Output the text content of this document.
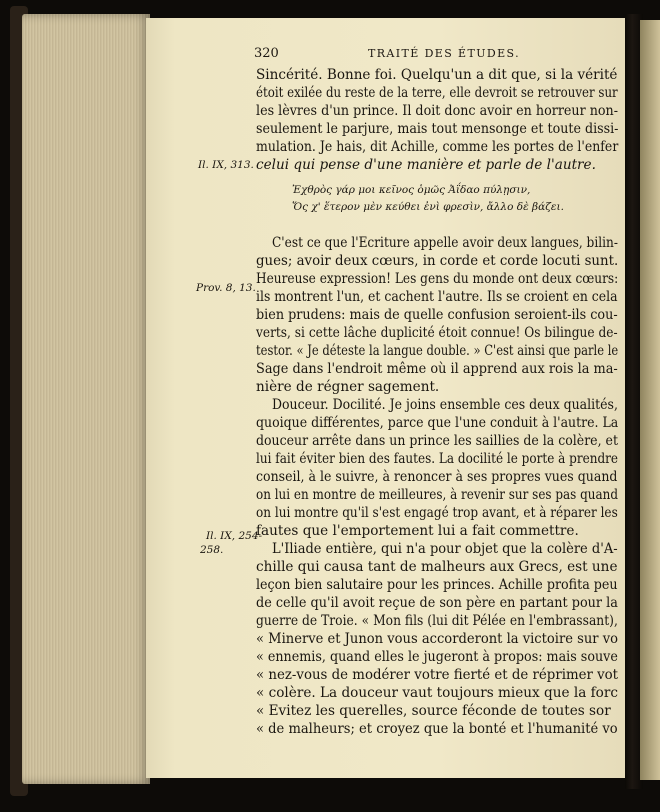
320	TRAITÉ DES ÉTUDES.
Sincérité. Bonne foi. Quelqu'un a dit que, si la vérité
étoit exilée du reste de la terre, elle devroit se retrouver sur
les lèvres d'un prince. Il doit donc avoir en horreur non-
seulement le parjure, mais tout mensonge et toute dissi-
mulation. Je hais, dit Achille, comme les portes de l'enfer
celui qui pense d'une manière et parle de l'autre.
Ἐχθρὸς γάρ μοι κεῖνος ὁμῶς Ἀΐδαο πύλῃσιν,
Ὅς χ' ἕτερον μὲν κεύθει ἐνὶ φρεσὶν, ἄλλο δὲ βάζει.
C'est ce que l'Ecriture appelle avoir deux langues, bilin-
gues; avoir deux cœurs, in corde et corde locuti sunt.
Heureuse expression! Les gens du monde ont deux cœurs:
ils montrent l'un, et cachent l'autre. Ils se croient en cela
bien prudens: mais de quelle confusion seroient-ils cou-
verts, si cette lâche duplicité étoit connue! Os bilingue de-
testor. « Je déteste la langue double. » C'est ainsi que parle le
Sage dans l'endroit même où il apprend aux rois la ma-
nière de régner sagement.
Douceur. Docilité. Je joins ensemble ces deux qualités,
quoique différentes, parce que l'une conduit à l'autre. La
douceur arrête dans un prince les saillies de la colère, et
lui fait éviter bien des fautes. La docilité le porte à prendre
conseil, à le suivre, à renoncer à ses propres vues quand
on lui en montre de meilleures, à revenir sur ses pas quand
on lui montre qu'il s'est engagé trop avant, et à réparer les
fautes que l'emportement lui a fait commettre.
L'Iliade entière, qui n'a pour objet que la colère d'A-
chille qui causa tant de malheurs aux Grecs, est une
leçon bien salutaire pour les princes. Achille profita peu
de celle qu'il avoit reçue de son père en partant pour la
guerre de Troie. « Mon fils (lui dit Pélée en l'embrassant),
« Minerve et Junon vous accorderont la victoire sur vo
« ennemis, quand elles le jugeront à propos: mais souve
« nez-vous de modérer votre fierté et de réprimer vot
« colère. La douceur vaut toujours mieux que la forc
« Evitez les querelles, source féconde de toutes sor
« de malheurs; et croyez que la bonté et l'humanité vo
Il. IX, 313.
Prov. 8, 13.
Il. IX, 254-
258.
